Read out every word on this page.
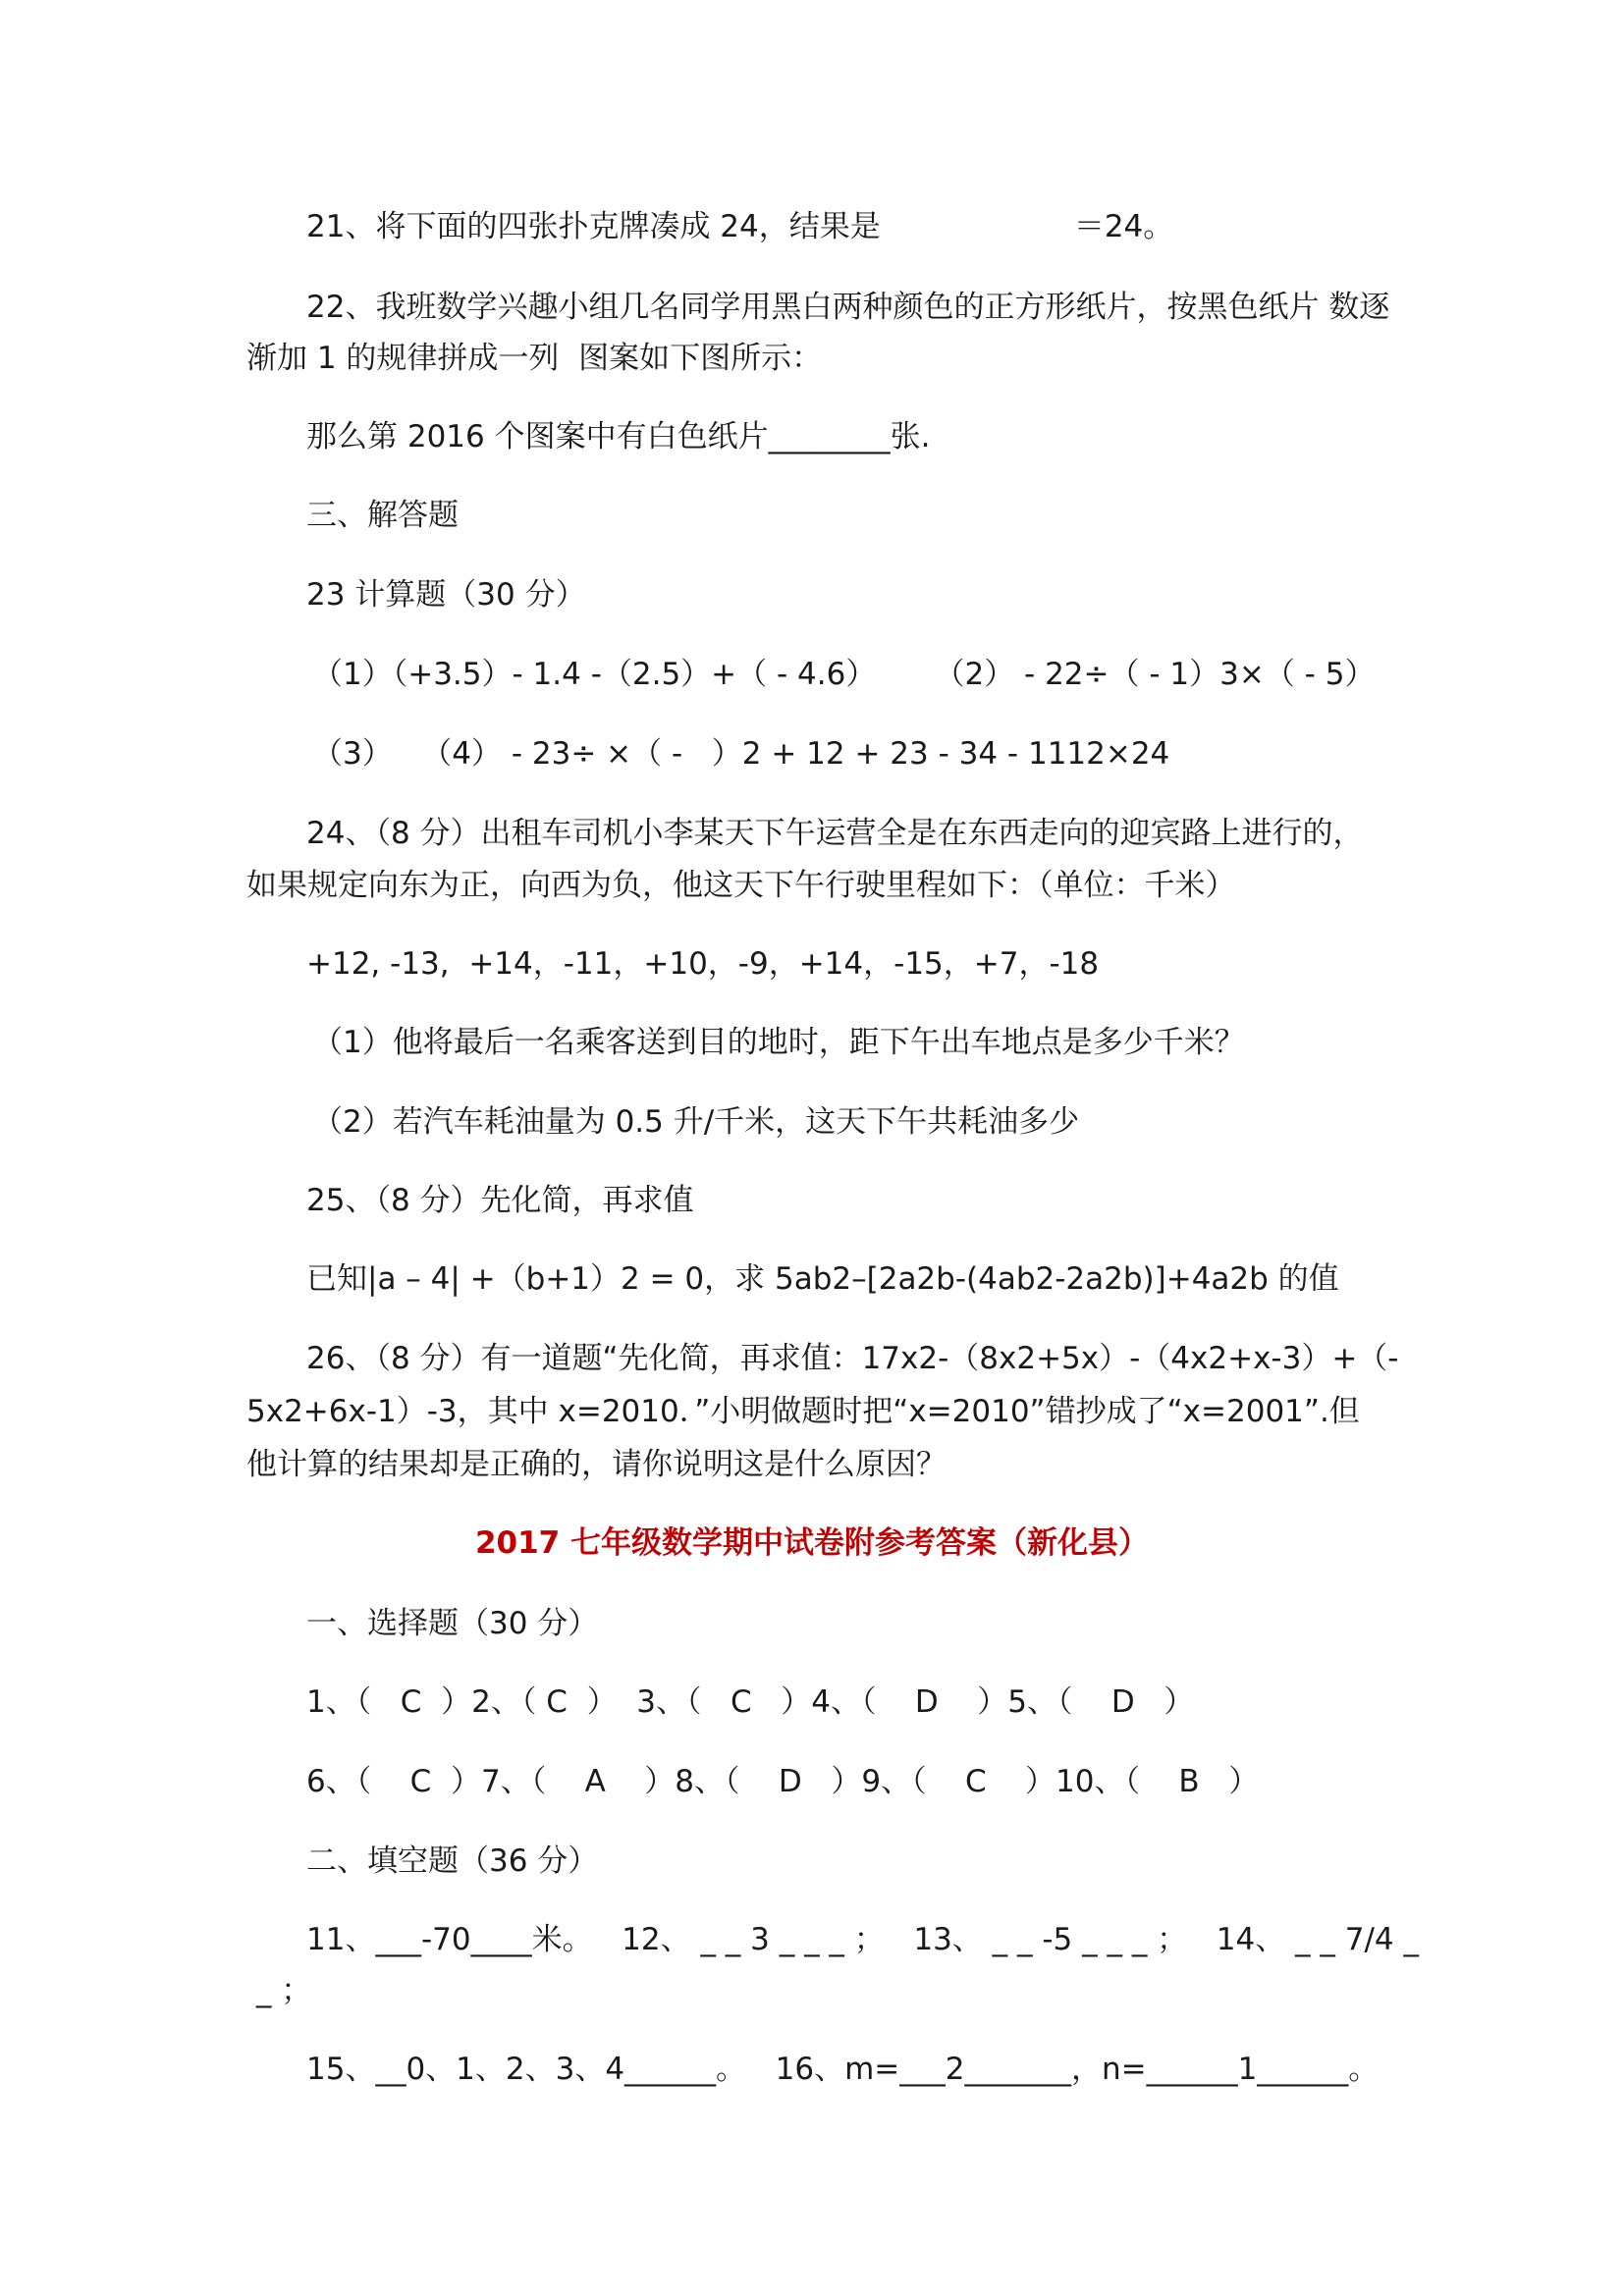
21、将下面的四张扑克牌凑成 24，结果是                    ＝24。
22、我班数学兴趣小组几名同学用黑白两种颜色的正方形纸片，按黑色纸片 数逐
渐加 1 的规律拼成一列  图案如下图所示：
那么第 2016 个图案中有白色纸片________张.
三、解答题
23 计算题（30 分）
（1）（+3.5）- 1.4 -（2.5）+（ - 4.6）      （2） - 22÷（ - 1）3×（ - 5）
（3）   （4） - 23÷ ×（ -   ）2 + 12 + 23 - 34 - 1112×24
24、（8 分）出租车司机小李某天下午运营全是在东西走向的迎宾路上进行的，
如果规定向东为正，向西为负，他这天下午行驶里程如下：（单位：千米）
+12, -13,  +14，-11，+10，-9，+14，-15，+7，-18
（1）他将最后一名乘客送到目的地时，距下午出车地点是多少千米？
（2）若汽车耗油量为 0.5 升/千米，这天下午共耗油多少
25、（8 分）先化简，再求值
已知|a – 4| +（b+1）2 = 0，求 5ab2–[2a2b-(4ab2-2a2b)]+4a2b 的值
26、（8 分）有一道题“先化简，再求值：17x2-（8x2+5x）-（4x2+x-3）+（-
5x2+6x-1）-3，其中 x=2010．”小明做题时把“x=2010”错抄成了“x=2001”.但
他计算的结果却是正确的，请你说明这是什么原因？
2017 七年级数学期中试卷附参考答案（新化县）
一、选择题（30 分）
1、（   C  ）2、（ C  ）  3、（   C   ）4、（    D    ）5、（    D   ）
6、（    C  ）7、（    A    ）8、（    D   ）9、（    C    ）10、（    B   ）
二、填空题（36 分）
11、___-70____米。   12、 _ _ 3 _ _ _ ；   13、 _ _ -5 _ _ _ ；   14、 _ _ 7/4 _
_ ；
15、__0、1、2、3、4______。   16、m=___2_______，n=______1______。
